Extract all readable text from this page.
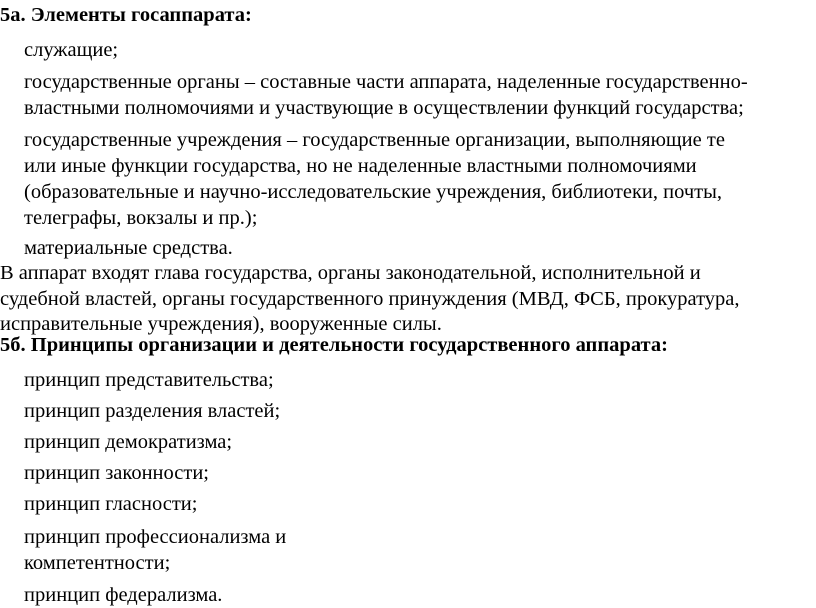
5а. Элементы госаппарата:
служащие;
государственные органы – составные части аппарата, наделенные государственно-
властными полномочиями и участвующие в осуществлении функций государства;
государственные учреждения – государственные организации, выполняющие те
или иные функции государства, но не наделенные властными полномочиями
(образовательные и научно-исследовательские учреждения, библиотеки, почты,
телеграфы, вокзалы и пр.);
материальные средства.
В аппарат входят глава государства, органы законодательной, исполнительной и
судебной властей, органы государственного принуждения (МВД, ФСБ, прокуратура,
исправительные учреждения), вооруженные силы.
5б. Принципы организации и деятельности государственного аппарата:
принцип представительства;
принцип разделения властей;
принцип демократизма;
принцип законности;
принцип гласности;
принцип профессионализма и
компетентности;
принцип федерализма.
